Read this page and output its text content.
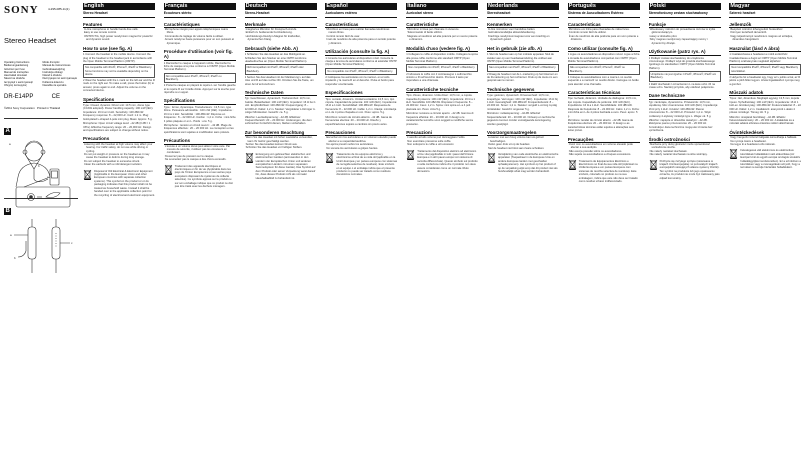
SONY	4-295-085-11(1)
Stereo Headset
Operating Instructions	Mode d'emploi
Bedienungsanleitung	Manual de instrucciones
Istruzioni per l'uso	Gebruiksaanwijzing
Manual de instruções	Instrukcja obsługi
Használati útmutató	Návod k obsluze
Návod na obsluhu	Инструкция по эксплуатации
Інструкції з експлуатації	Kullanma kılavuzu
Οδηγίες λειτουργίας	Navodila za uporabo
DR-E14PP	CE
©2011 Sony Corporation Printed in Thailand
A
a
b
c
B
a
b
c
English
Stereo Headset
Features
In-line microphone to handle hands-free calls.
Easy to use remote control.
OMTP/CTIA, high power neodymium magnet for powerful and dynamic sound.
How to use (see fig. A)
1 Connect the headset to the mobile device. Connect the plug of the headset to the headset jack in accordance with the Open Mobile Terminal Platform (OMTP).
Not compatible with iPod®, iPhone®, iPad® or Blackberry. Some functions may not be available depending on the device.
2 Wear the headset with the L mark on the left ear and the R mark on the right ear. To make a call, press the button (b) to answer, press again to end. Adjust the volume on the connected device.
Specifications
Type: Closed, dynamic. Driver unit: 13.5 mm, dome type (CCAW adopted). Power handling capacity: 100 mW (IEC). Impedance: 16 Ω at 1 kHz. Sensitivity: 100 dB/mW. Frequency response: 8 – 22,000 Hz. Cord: 1.2 m. Plug: Gold-plated L-shaped 4-pole mini plug. Mass: Approx. 5 g.
Microphone: Open circuit voltage level: –42 dB (0 dB = 1 V/Pa). Effective frequency range: 20 – 20,000 Hz. Design and specifications are subject to change without notice.
Precautions
Listening with the headset at high volume may affect your hearing. For traffic safety, do not use while driving or cycling.
Do not put weight or pressure on the headset as it may cause the headset to deform during long storage.
Do not subject the headset to excessive shock.
Clean the earbuds with a mild detergent solution.
Disposal of Old Electrical & Electronic Equipment (Applicable in the European Union and other European countries with separate collection systems). This symbol on the product or on its packaging indicates that this product shall not be treated as household waste. Instead it shall be handed over to the applicable collection point for the recycling of electrical and electronic equipment.
Français
Ecouteurs stéréo
Caractéristiques
Microphone intégré pour appels téléphoniques mains libres.
Commande de réglage du volume facile à utiliser.
Aimant néodyme haute puissance pour un son puissant et dynamique.
Procédure d'utilisation (voir fig. A)
1 Raccordez le casque à l'appareil mobile. Raccordez la fiche du casque à la prise conforme à l'OMTP (Open Mobile Terminal Platform).
Non compatible avec iPod®, iPhone®, iPad® ou Blackberry.
2 Portez le casque en plaçant le repère L sur l'oreille gauche et le repère R sur l'oreille droite. Appuyez sur la touche pour répondre à un appel.
Spécifications
Type : fermé, dynamique. Transducteurs : 13,5 mm, type dôme. Puissance admissible : 100 mW (CEI). Impédance : 16 Ω à 1 kHz. Sensibilité : 100 dB/mW. Réponse en fréquence : 8 – 22 000 Hz. Cordon : 1,2 m. Fiche : mini-fiche 4 pôles plaquée or en L. Poids : env. 5 g.
Microphone : tension en circuit ouvert : –42 dB. Plage de fréquences effective : 20 – 20 000 Hz. La conception et les spécifications sont sujettes à modification sans préavis.
Précautions
L'écoute à un volume élevé peut altérer votre ouïe. Par mesure de sécurité, n'utilisez pas les écouteurs en conduisant.
N'exercez pas de pression sur le casque.
Ne soumettez pas le casque à des chocs excessifs.
Traitement des appareils électriques et électroniques en fin de vie (Applicable dans les pays de l'Union Européenne et aux autres pays européens disposant de systèmes de collecte sélective). Ce symbole apposé sur le produit ou sur son emballage indique que ce produit ne doit pas être traité avec les déchets ménagers.
Deutsch
Stereo-Headset
Merkmale
Integriertes Mikrofon für Freisprech-Anrufe.
Einfach zu bedienende Fernbedienung.
Hochleistungs-Neodym-Magnet für kraftvollen, dynamischen Klang.
Gebrauch (siehe Abb. A)
1 Schließen Sie das Headset an das Mobilgerät an. Schließen Sie den Stecker an eine OMTP-konforme Headsetbuchse an (Open Mobile Terminal Platform).
Nicht kompatibel mit iPod®, iPhone®, iPad® oder Blackberry.
2 Setzen Sie das Headset mit der Markierung L auf das linke und R auf das rechte Ohr. Drücken Sie die Taste, um einen Anruf anzunehmen.
Technische Daten
Typ: Geschlossen, dynamisch. Treibereinheit: 13,5 mm, Kalotte. Belastbarkeit: 100 mW (IEC). Impedanz: 16 Ω bei 1 kHz. Empfindlichkeit: 100 dB/mW. Frequenzgang: 8 – 22.000 Hz. Kabel: 1,2 m. Stecker: Vergoldeter L-förmiger 4-poliger Ministecker. Gewicht: ca. 5 g.
Mikrofon: Leerlaufspannung: –42 dB. Effektiver Frequenzbereich: 20 – 20.000 Hz. Änderungen, die dem technischen Fortschritt dienen, bleiben vorbehalten.
Zur besonderen Beachtung
Wenn Sie das Headset mit hoher Lautstärke verwenden, kann Ihr Gehör geschädigt werden.
Setzen Sie das Headset keinem Druck aus.
Schützen Sie das Headset vor heftigen Stößen.
Entsorgung von gebrauchten elektrischen und elektronischen Geräten (anzuwenden in den Ländern der Europäischen Union und anderen europäischen Ländern mit einem separaten Sammelsystem für diese Geräte). Das Symbol auf dem Produkt oder seiner Verpackung weist darauf hin, dass dieses Produkt nicht als normaler Haushaltsabfall zu behandeln ist.
Español
Auriculares estéreo
Características
Micrófono en línea para realizar llamadas telefónicas manos libres.
Control remoto fácil de usar.
Imán de neodimio de alta potencia para un sonido potente y dinámico.
Utilización (consulte la fig. A)
1 Conecte los auriculares al dispositivo móvil. Conecte la clavija a la toma de auriculares conforme al estándar OMTP (Open Mobile Terminal Platform).
No compatible con iPod®, iPhone®, iPad® ni Blackberry.
2 Colóquese los auriculares con la marca L en el oído izquierdo y la marca R en el derecho. Pulse el botón para responder una llamada.
Especificaciones
Tipo: cerrado, dinámico. Unidad excitadora: 13,5 mm, tipo cúpula. Capacidad de potencia: 100 mW (IEC). Impedancia: 16 Ω a 1 kHz. Sensibilidad: 100 dB/mW. Respuesta de frecuencia: 8 – 22.000 Hz. Cable: 1,2 m. Clavija: miniclavija en L de 4 polos chapada en oro. Peso: aprox. 5 g.
Micrófono: tensión de circuito abierto: –42 dB. Gama de frecuencias efectiva: 20 – 20.000 Hz. Diseño y especificaciones sujetos a cambios sin previo aviso.
Precauciones
Escuchar con los auriculares a un volumen elevado puede afectar a su capacidad auditiva.
No ejerza presión sobre los auriculares.
No someta los auriculares a golpes fuertes.
Tratamiento de los equipos eléctricos y electrónicos al final de su vida útil (aplicable en la Unión Europea y en países europeos con sistemas de recogida selectiva de residuos). Este símbolo en el equipo o el embalaje indica que el presente producto no puede ser tratado como residuos domésticos normales.
Italiano
Auricolari stereo
Caratteristiche
Microfono in linea per chiamate in vivavoce.
Telecomando di facile utilizzo.
Magnete al neodimio ad alta potenza per un suono potente e dinamico.
Modalità d'uso (vedere fig. A)
1 Collegare le cuffie al dispositivo mobile. Collegare la spina alla presa cuffie conforme allo standard OMTP (Open Mobile Terminal Platform).
Non compatibile con iPod®, iPhone®, iPad® o Blackberry.
2 Indossare le cuffie con il contrassegno L sull'orecchio sinistro e R sull'orecchio destro. Premere il tasto per rispondere a una chiamata.
Caratteristiche tecniche
Tipo: chiuso, dinamico. Unità driver: 13,5 mm, a cupola. Capacità di potenza: 100 mW (IEC). Impedenza: 16 Ω a 1 kHz. Sensibilità: 100 dB/mW. Risposta in frequenza: 8 – 22.000 Hz. Cavo: 1,2 m. Spina: mini spina a L a 4 poli placcata oro. Peso: circa 5 g.
Microfono: tensione a circuito aperto: –42 dB. Gamma di frequenza effettiva: 20 – 20.000 Hz. Il design e le caratteristiche tecniche sono soggetti a modifiche senza preavviso.
Precauzioni
L'ascolto ad alto volume può danneggiare l'udito.
Non esercitare pressione sulle cuffie.
Non sottoporre le cuffie a urti eccessivi.
Trattamento del dispositivo elettrico od elettronico a fine vita (applicabile in tutti i paesi dell'Unione Europea e in altri paesi europei con sistema di raccolta differenziata). Questo simbolo sul prodotto o sulla confezione indica che il prodotto non deve essere considerato come un normale rifiuto domestico.
Nederlands
Stereoheadset
Kenmerken
In-line microfoon voor handsfree bellen.
Gebruiksvriendelijke afstandsbediening.
Krachtige neodymiummagneet voor een krachtig en dynamisch geluid.
Het in gebruik (zie afb. A)
1 Sluit de headset aan op het mobiele apparaat. Sluit de stekker aan op een headsetaansluiting die voldoet aan OMTP (Open Mobile Terminal Platform).
Niet compatibel met iPod®, iPhone®, iPad® of Blackberry.
2 Draag de headset met de L-markering op het linkeroor en de R-markering op het rechteroor. Druk op de toets om een gesprek aan te nemen.
Technische gegevens
Type: gesloten, dynamisch. Drivereenheid: 13,5 mm, koepeltype. Vermogen: 100 mW (IEC). Impedantie: 16 Ω bij 1 kHz. Gevoeligheid: 100 dB/mW. Frequentiebereik: 8 – 22.000 Hz. Snoer: 1,2 m. Stekker: verguld L-vormig 4-polig ministekker. Gewicht: ongeveer 5 g.
Microfoon: nullastspanning: –42 dB. Effectief frequentiebereik: 20 – 20.000 Hz. Ontwerp en technische gegevens kunnen zonder voorafgaande kennisgeving worden gewijzigd.
Voorzorgsmaatregelen
Luisteren met een hoog volume kan uw gehoor beschadigen.
Oefen geen druk uit op de headset.
Stel de headset niet bloot aan zware schokken.
Verwijdering van oude elektrische en elektronische apparaten (Toepasbaar in de Europese Unie en andere Europese landen met gescheiden ophaalsystemen). Het symbool op het product of op de verpakking wijst erop dat dit product niet als huishoudelijk afval mag worden behandeld.
Português
Sistema de Auscultadores Estéreo
Características
Microfone em linha para chamadas de mãos livres.
Controlo remoto fácil de utilizar.
Íman de neodímio de alta potência para um som potente e dinâmico.
Como utilizar (consulte fig. A)
1 Ligue os auscultadores ao dispositivo móvel. Ligue a ficha à tomada de auscultadores compatível com OMTP (Open Mobile Terminal Platform).
Não compatível com iPod®, iPhone®, iPad® ou Blackberry.
2 Coloque os auscultadores com a marca L no ouvido esquerdo e a marca R no ouvido direito. Carregue no botão para atender uma chamada.
Características técnicas
Tipo: fechado, dinâmico. Unidade de diafragma: 13,5 mm, tipo cúpula. Capacidade de potência: 100 mW (IEC). Impedância: 16 Ω a 1 kHz. Sensibilidade: 100 dB/mW. Resposta de frequência: 8 – 22.000 Hz. Cabo: 1,2 m. Ficha: mini-ficha em L de 4 pólos banhada a ouro. Peso: aprox. 5 g.
Microfone: tensão de circuito aberto: –42 dB. Gama de frequências efectiva: 20 – 20.000 Hz. O design e as características técnicas estão sujeitos a alterações sem aviso prévio.
Precauções
Ouvir com os auscultadores em volume elevado pode afectar a sua audição.
Não exerça pressão sobre os auscultadores.
Não sujeite os auscultadores a choques excessivos.
Tratamento de Equipamentos Eléctricos e Electrónicos no final da sua vida útil (Aplicável na União Europeia e em países Europeus com sistemas de recolha selectiva de resíduos). Este símbolo, colocado no produto ou na sua embalagem, indica que este não deve ser tratado como resíduo urbano indiferenciado.
Polski
Stereofoniczny zestaw słuchawkowy
Funkcje
Wbudowany mikrofon do prowadzenia rozmów w trybie głośnomówiącym.
Łatwy w obsłudze pilot.
Silny magnes neodymowy zapewniający mocny i dynamiczny dźwięk.
Użytkowanie (patrz rys. A)
1 Podłącz zestaw słuchawkowy do urządzenia przenośnego. Podłącz wtyk do gniazda słuchawkowego zgodnego ze standardem OMTP (Open Mobile Terminal Platform).
Urządzenie nie jest zgodne z iPod®, iPhone®, iPad® ani Blackberry.
2 Załóż słuchawki z oznaczeniem L na lewe ucho i R na prawe ucho. Naciśnij przycisk, aby odebrać połączenie.
Dane techniczne
Typ: zamknięte, dynamiczne. Przetwornik: 13,5 mm, kopułkowy. Moc znamionowa: 100 mW (IEC). Impedancja: 16 Ω przy 1 kHz. Czułość: 100 dB/mW. Pasmo przenoszenia: 8 – 22 000 Hz. Przewód: 1,2 m. Wtyk: pozłacany 4-stykowy miniwtyk typu L. Waga: ok. 5 g.
Mikrofon: napięcie w obwodzie otwartym: –42 dB. Efektywne pasmo przenoszenia: 20 – 20 000 Hz. Konstrukcja i dane techniczne mogą ulec zmianie bez uprzedzenia.
Środki ostrożności
Słuchanie przy dużej głośności może spowodować uszkodzenie słuchu.
Nie należy naciskać słuchawek.
Nie należy narażać słuchawek na silne wstrząsy.
Pozbycie się zużytego sprzętu (stosowane w krajach Unii Europejskiej i w pozostałych krajach europejskich stosujących własne systemy zbiórki). Ten symbol na produkcie lub jego opakowaniu oznacza, że produkt nie może być traktowany jako odpad komunalny.
Magyar
Sztereó headset
Jellemzők
Beépített mikrofon kihangosított hívásokhoz.
Könnyen kezelhető távvezérlő.
Nagy teljesítményű neodímium mágnes az erőteljes, dinamikus hangzásért.
Használat (lásd A ábra)
1 Csatlakoztassa a headsetet a mobil eszközhöz. Csatlakoztassa a dugót az OMTP (Open Mobile Terminal Platform) szabványnak megfelelő aljzathoz.
Nem kompatibilis iPod®, iPhone®, iPad® vagy Blackberry készülékkel.
2 Helyezze fel a headsetet úgy, hogy az L jelzés a bal, az R jelzés a jobb fülén legyen. Hívás fogadásához nyomja meg a gombot.
Műszaki adatok
Típus: zárt, dinamikus. Meghajtó egység: 13,5 mm, kupola típusú. Terhelhetőség: 100 mW (IEC). Impedancia: 16 Ω 1 kHz-en. Érzékenység: 100 dB/mW. Frekvenciaátvitel: 8 – 22 000 Hz. Kábel: 1,2 m. Csatlakozó: aranyozott L alakú 4 pólusú minidugó. Tömeg: kb. 5 g.
Mikrofon: üresjárati feszültség: –42 dB. Effektív frekvenciatartomány: 20 – 20 000 Hz. A kialakítás és a műszaki adatok előzetes értesítés nélkül változhatnak.
Óvintézkedések
Nagy hangerőn történő hallgatás károsíthatja a hallását.
Ne nyomja össze a headsetet.
Ne tegye ki a headsetet erős ütésnek.
Feleslegessé vált elektromos és elektronikus készülékek hulladékként való eltávolítása (Az Európai Unió és egyéb európai országok szelektív hulladékgyűjtési rendszereiben). Ez a szimbólum a készüléken vagy a csomagolásán azt jelzi, hogy a terméket ne kezelje háztartási hulladékként.
